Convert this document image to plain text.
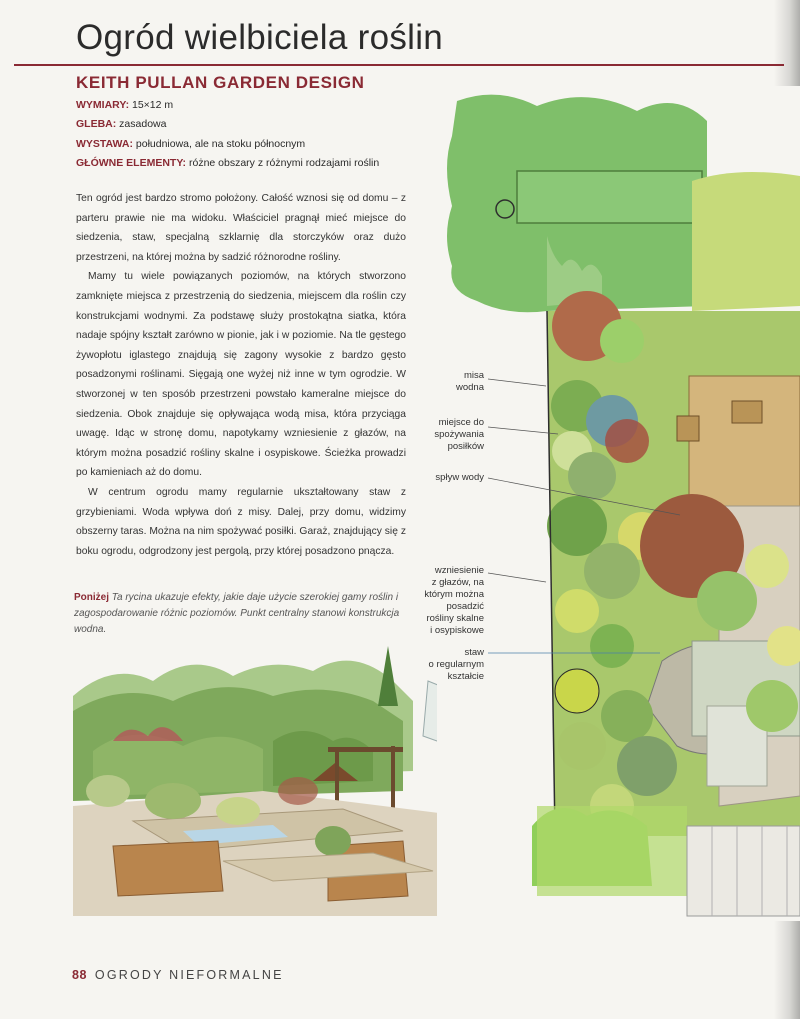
Ogród wielbiciela roślin
KEITH PULLAN GARDEN DESIGN
WYMIARY: 15×12 m
GLEBA: zasadowa
WYSTAWA: południowa, ale na stoku północnym
GŁÓWNE ELEMENTY: różne obszary z różnymi rodzajami roślin

Ten ogród jest bardzo stromo położony. Całość wznosi się od domu – z parteru prawie nie ma widoku. Właściciel pragnął mieć miejsce do siedzenia, staw, specjalną szklarnię dla storczyków oraz dużo przestrzeni, na której można by sadzić różnorodne rośliny.

Mamy tu wiele powiązanych poziomów, na których stworzono zamknięte miejsca z przestrzenią do siedzenia, miejscem dla roślin czy konstrukcjami wodnymi. Za podstawę służy prostokątna siatka, która nadaje spójny kształt zarówno w pionie, jak i w poziomie. Na tle gęstego żywopłotu iglastego znajdują się zagony wysokie z bardzo gęsto posadzonymi roślinami. Sięgają one wyżej niż inne w tym ogrodzie. W stworzonej w ten sposób przestrzeni powstało kameralne miejsce do siedzenia. Obok znajduje się opływająca wodą misa, która przyciąga uwagę. Idąc w stronę domu, napotykamy wzniesienie z głazów, na którym można posadzić rośliny skalne i osypiskowe. Ścieżka prowadzi po kamieniach aż do domu.

W centrum ogrodu mamy regularnie ukształtowany staw z grzybieniami. Woda wpływa doń z misy. Dalej, przy domu, widzimy obszerny taras. Można na nim spożywać posiłki. Garaż, znajdujący się z boku ogrodu, odgrodzony jest pergolą, przy której posadzono pnącza.

Poniżej Ta rycina ukazuje efekty, jakie daje użycie szerokiej gamy roślin i zagospodarowanie różnic poziomów. Punkt centralny stanowi konstrukcja wodna.
misa
wodna
miejsce do
spożywania
posiłków
spływ wody
wzniesienie
z głazów, na
którym można
posadzić
rośliny skalne
i osypiskowe
staw
o regularnym
kształcie
88 OGRODY NIEFORMALNE
